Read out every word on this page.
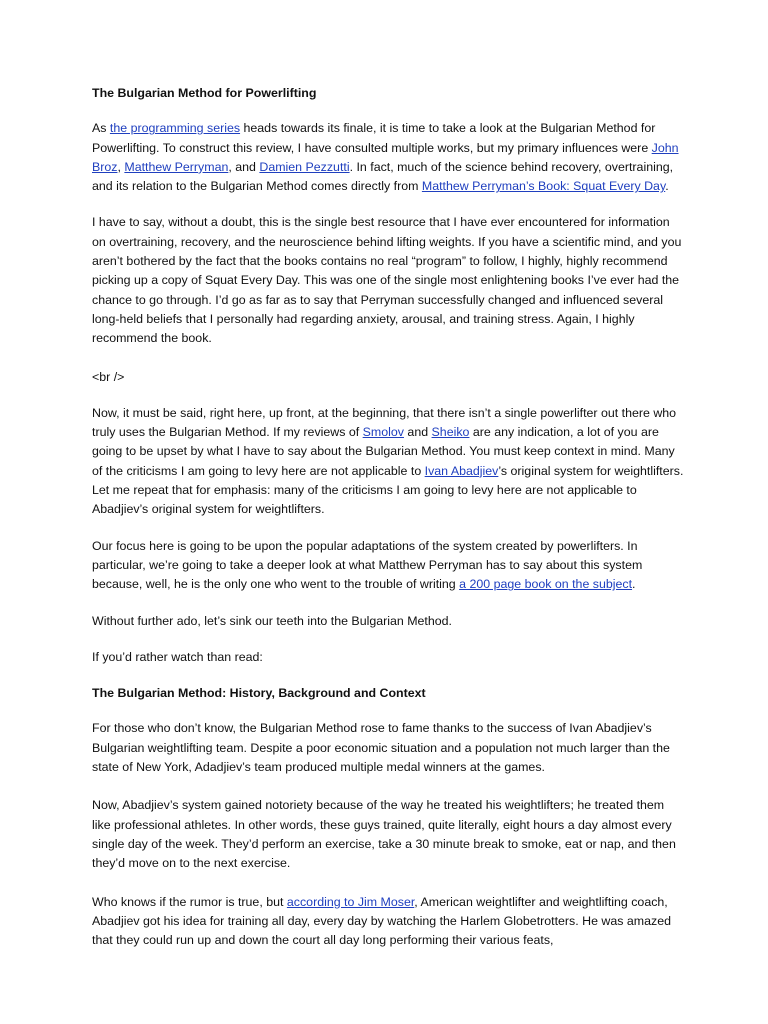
The Bulgarian Method for Powerlifting

As the programming series heads towards its finale, it is time to take a look at the Bulgarian Method for Powerlifting. To construct this review, I have consulted multiple works, but my primary influences were John Broz, Matthew Perryman, and Damien Pezzutti. In fact, much of the science behind recovery, overtraining, and its relation to the Bulgarian Method comes directly from Matthew Perryman’s Book: Squat Every Day.

I have to say, without a doubt, this is the single best resource that I have ever encountered for information on overtraining, recovery, and the neuroscience behind lifting weights. If you have a scientific mind, and you aren’t bothered by the fact that the books contains no real “program” to follow, I highly, highly recommend picking up a copy of Squat Every Day. This was one of the single most enlightening books I’ve ever had the chance to go through. I’d go as far as to say that Perryman successfully changed and influenced several long-held beliefs that I personally had regarding anxiety, arousal, and training stress. Again, I highly recommend the book.

<br />

Now, it must be said, right here, up front, at the beginning, that there isn’t a single powerlifter out there who truly uses the Bulgarian Method. If my reviews of Smolov and Sheiko are any indication, a lot of you are going to be upset by what I have to say about the Bulgarian Method. You must keep context in mind. Many of the criticisms I am going to levy here are not applicable to Ivan Abadjiev’s original system for weightlifters. Let me repeat that for emphasis: many of the criticisms I am going to levy here are not applicable to Abadjiev’s original system for weightlifters.

Our focus here is going to be upon the popular adaptations of the system created by powerlifters. In particular, we’re going to take a deeper look at what Matthew Perryman has to say about this system because, well, he is the only one who went to the trouble of writing a 200 page book on the subject.

Without further ado, let’s sink our teeth into the Bulgarian Method.

If you’d rather watch than read:

The Bulgarian Method: History, Background and Context

For those who don’t know, the Bulgarian Method rose to fame thanks to the success of Ivan Abadjiev’s Bulgarian weightlifting team. Despite a poor economic situation and a population not much larger than the state of New York, Adadjiev’s team produced multiple medal winners at the games.

Now, Abadjiev’s system gained notoriety because of the way he treated his weightlifters; he treated them like professional athletes. In other words, these guys trained, quite literally, eight hours a day almost every single day of the week. They’d perform an exercise, take a 30 minute break to smoke, eat or nap, and then they’d move on to the next exercise.

Who knows if the rumor is true, but according to Jim Moser, American weightlifter and weightlifting coach, Abadjiev got his idea for training all day, every day by watching the Harlem Globetrotters. He was amazed that they could run up and down the court all day long performing their various feats,
